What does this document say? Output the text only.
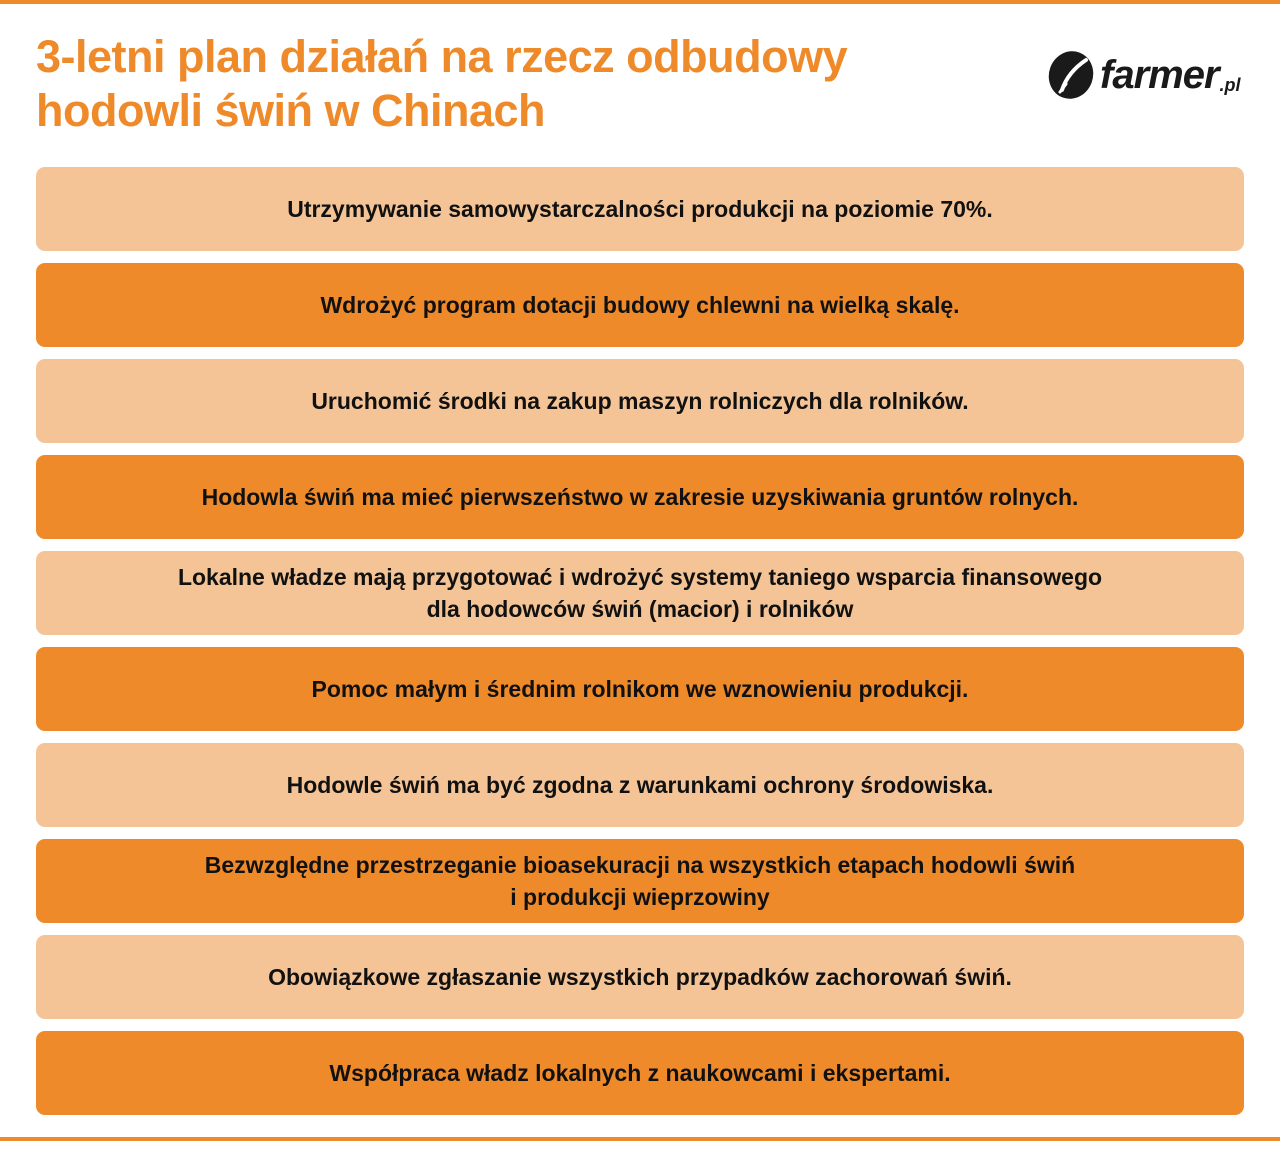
3-letni plan działań na rzecz odbudowy
hodowli świń w Chinach
farmer .pl
Utrzymywanie samowystarczalności produkcji na poziomie 70%.
Wdrożyć program dotacji budowy chlewni na wielką skalę.
Uruchomić środki na zakup maszyn rolniczych dla rolników.
Hodowla świń ma mieć pierwszeństwo w zakresie uzyskiwania gruntów rolnych.
Lokalne władze mają przygotować i wdrożyć systemy taniego wsparcia finansowego
dla hodowców świń (macior) i rolników
Pomoc małym i średnim rolnikom we wznowieniu produkcji.
Hodowle świń ma być zgodna z warunkami ochrony środowiska.
Bezwzględne przestrzeganie bioasekuracji na wszystkich etapach hodowli świń
i produkcji wieprzowiny
Obowiązkowe zgłaszanie wszystkich przypadków zachorowań świń.
Współpraca władz lokalnych z naukowcami i ekspertami.
